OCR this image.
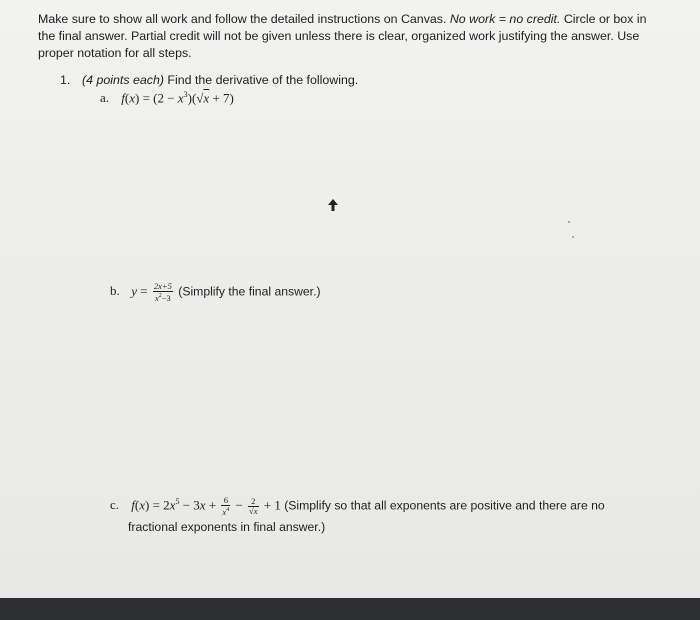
Make sure to show all work and follow the detailed instructions on Canvas. No work = no credit. Circle or box in the final answer. Partial credit will not be given unless there is clear, organized work justifying the answer. Use proper notation for all steps.
1. (4 points each) Find the derivative of the following.
a. $f(x) = (2 - x^3)(√x + 7)$
b. $y = \frac{2x+5}{x^2-3}$ (Simplify the final answer.)
c. $f(x) = 2x^5 - 3x + \frac{6}{x^4} - \frac{2}{√x} + 1$ (Simplify so that all exponents are positive and there are no
fractional exponents in final answer.)
